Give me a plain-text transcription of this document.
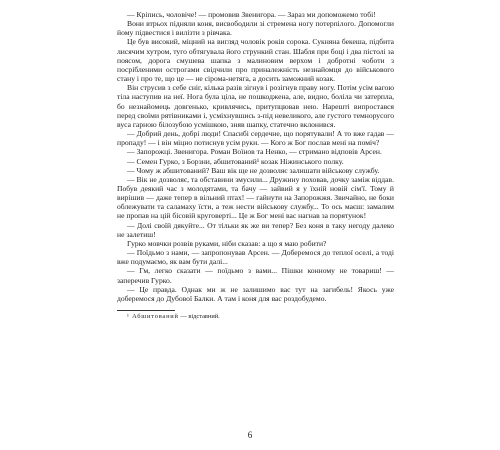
— Кріпись, чоловіче! — промовив Звенигора. — Зараз ми допоможемо тобі!

Вони втрьох підняли коня, висвободили зі стремена ногу потерпілого. Допомогли йому підвестися і вилізти з рівчака.

Це був високий, міцний на вигляд чоловік років сорока. Сукняна бекеша, підбита лисячим хутром, туго обтягувала його стрункий стан. Шабля при боці і два пістолі за поясом, дорога смушева шапка з малиновим верхом і добротні чоботи з посрібленими острогами свідчили про приналежність незнайомця до військового стану і про те, що це — не сірома-нетяга, а досить заможний козак.

Він струсив з себе сніг, кілька разів зігнув і розігнув праву ногу. Потім усім вагою тіла наступив на неї. Нога була ціла, не пошкоджена, але, видно, боліла чи затерпла, бо незнайомець довгенько, кривлячись, притупцював нею. Нарешті випростався перед своїми рятівниками і, усміхнувшись з-під невеликого, але густого темнорусого вуса гарною білозубою усмішкою, зняв шапку, статечно вклонився.

— Добрий день, добрі люди! Спасибі сердечне, що порятували! А то вже гадав — пропаду! — і він міцно потиснув усім руки. — Кого ж Бог послав мені на поміч?

— Запорожці. Звенигора. Роман Воїнов та Ненко, — стримано відповів Арсен.

— Семен Гурко, з Борзни, абшитований¹ козак Ніжинського полку.

— Чому ж абшитований? Ваш вік ще не дозволяє залишати військову службу.

— Вік не дозволяє, та обставини змусили... Дружину поховав, дочку заміж віддав. Побув деякий час з молодятами, та бачу — зайвий я у їхній новій сім'ї. Тому й вирішив — даже тепер в вільний птах! — гайнути на Запорожжя. Звичайно, не боки облежувати та саламаху їсти, а теж нести військову службу... То ось маєш: замалим не пропав на цій бісовій круговерті... Це ж Бог мені вас нагнав за порятунок!

— Долі своїй дякуйте... От тільки як же ви тепер? Без коня в таку негоду далеко не залетиш!

Гурко мовчки розвів руками, ніби сказав: а що я маю робити?

— Поїдьмо з нами, — запропонував Арсен. — Доберемося до теплої оселі, а тоді вже подумаємо, як вам бути далі...

— Гм, легко сказати — поїдьмо з вами... Пішки конному не товариш! — заперечив Гурко.

— Це правда. Однак ми ж не залишимо вас тут на загибель! Якось уже доберемося до Дубової Балки. А там і коня для вас роздобудемо.

¹ Абшитований — відставний.

6
